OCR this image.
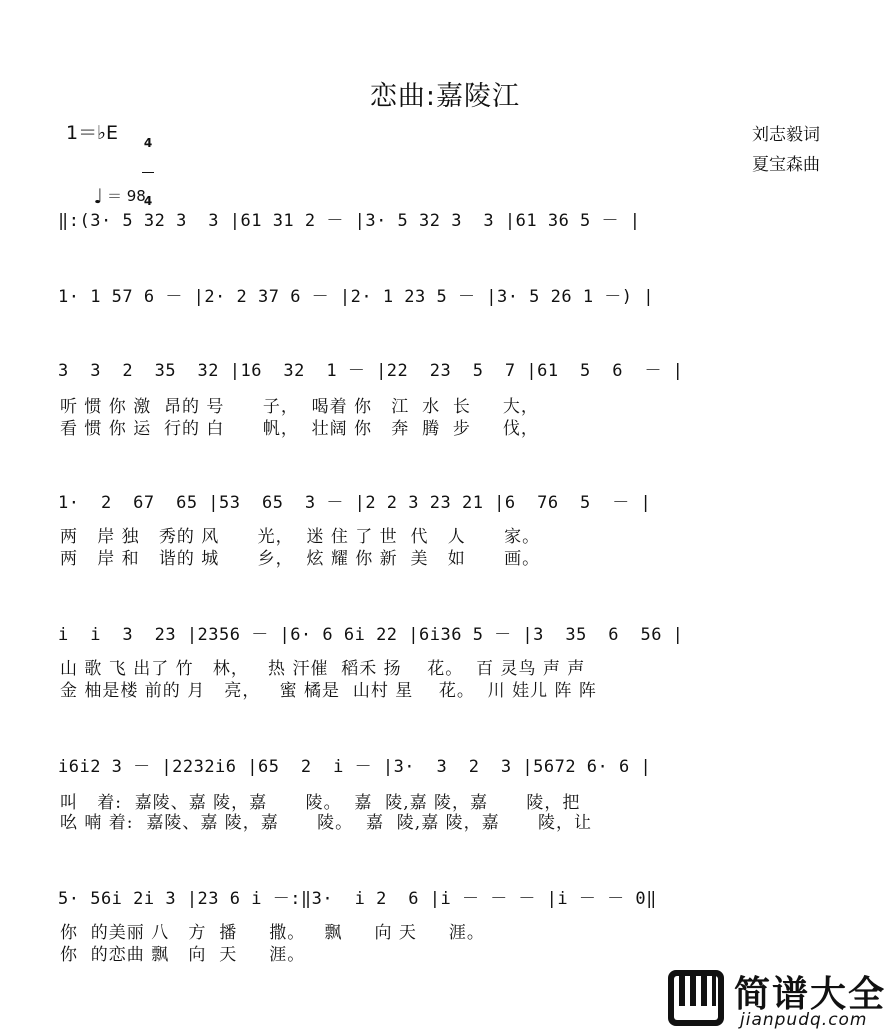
恋曲:嘉陵江
1＝♭E

4

4

♩ ＝ 98

刘志毅词
夏宝森曲
‖:(3· 5 32 3  3 |61 31 2 － |3· 5 32 3  3 |61 36 5 － |
1· 1 57 6 － |2· 2 37 6 － |2· 1 23 5 － |3· 5 26 1 －) |
3  3  2  35  32 |16  32  1 － |22  23  5  7 |61  5  6  － |
听 惯 你 激  昂的 号      子，  喝着 你   江  水  长     大，
看 惯 你 运  行的 白      帆，  壮阔 你   奔  腾  步     伐，
1·  2  67  65 |53  65  3 － |2 2 3 23 21 |6  76  5  － |
两   岸 独   秀的 风      光，  迷 住 了 世  代   人      家。
两   岸 和   谐的 城      乡，  炫 耀 你 新  美   如      画。
i  i  3  23 |2356 － |6· 6 6i 22 |6i36 5 － |3  35  6  56 |
山 歌 飞 出了 竹   林，   热 汗催  稻禾 扬    花。  百 灵鸟 声 声
金 柚是楼 前的 月   亮，   蜜 橘是  山村 星    花。  川 娃儿 阵 阵
i6i2 3 － |2232i6 |65  2  i － |3·  3  2  3 |5672 6· 6 |
叫   着:  嘉陵、嘉 陵，嘉      陵。  嘉  陵,嘉 陵，嘉      陵，把
吆 喃 着:  嘉陵、嘉 陵，嘉      陵。  嘉  陵,嘉 陵，嘉      陵，让
5· 56i 2i 3 |23 6 i －:‖3·  i 2  6 |i － － － |i － － 0‖
你  的美丽 八   方  播     撒。   飘     向 天     涯。
你  的恋曲 飘   向  天     涯。
简谱大全
jianpudq.com
